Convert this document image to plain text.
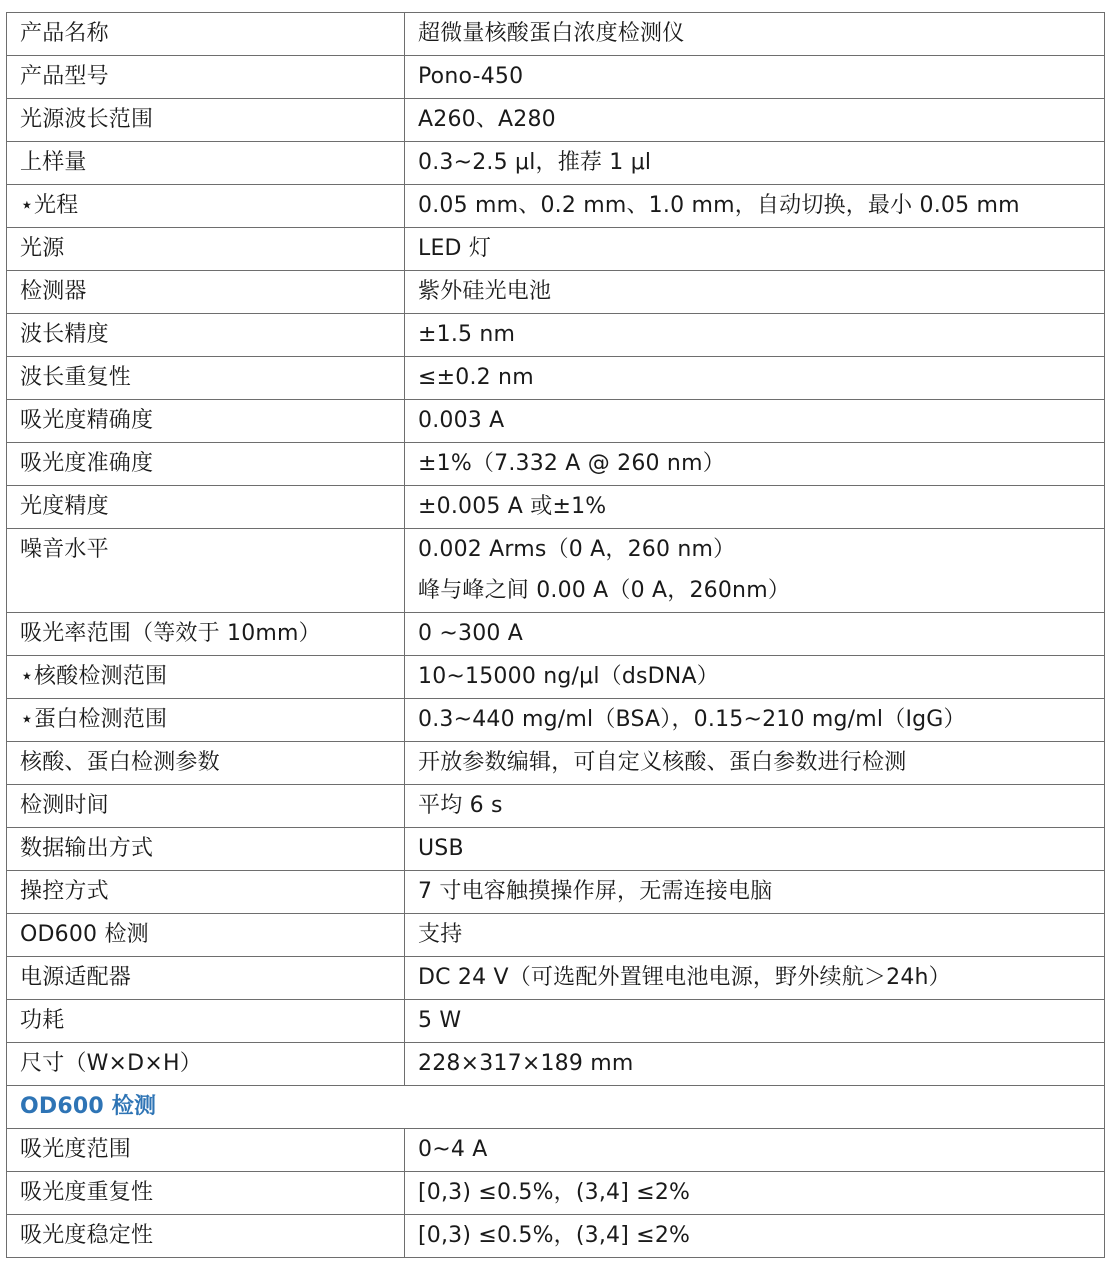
产品名称	超微量核酸蛋白浓度检测仪
产品型号	Pono-450
光源波长范围	A260、A280
上样量	0.3~2.5 μl，推荐 1 μl
⋆光程	0.05 mm、0.2 mm、1.0 mm，自动切换，最小 0.05 mm
光源	LED 灯
检测器	紫外硅光电池
波长精度	±1.5 nm
波长重复性	≤±0.2 nm
吸光度精确度	0.003 A
吸光度准确度	±1%（7.332 A @ 260 nm）
光度精度	±0.005 A 或±1%
噪音水平	0.002 Arms（0 A，260 nm）
峰与峰之间 0.00 A（0 A，260nm）

吸光率范围（等效于 10mm）	0 ~300 A
⋆核酸检测范围	10~15000 ng/μl（dsDNA）
⋆蛋白检测范围	0.3~440 mg/ml（BSA），0.15~210 mg/ml（IgG）
核酸、蛋白检测参数	开放参数编辑，可自定义核酸、蛋白参数进行检测
检测时间	平均 6 s
数据输出方式	USB
操控方式	7 寸电容触摸操作屏，无需连接电脑
OD600 检测	支持
电源适配器	DC 24 V（可选配外置锂电池电源，野外续航＞24h）
功耗	5 W
尺寸（W×D×H）	228×317×189 mm
OD600 检测	
吸光度范围	0~4 A
吸光度重复性	[0,3) ≤0.5%，(3,4] ≤2%
吸光度稳定性	[0,3) ≤0.5%，(3,4] ≤2%
